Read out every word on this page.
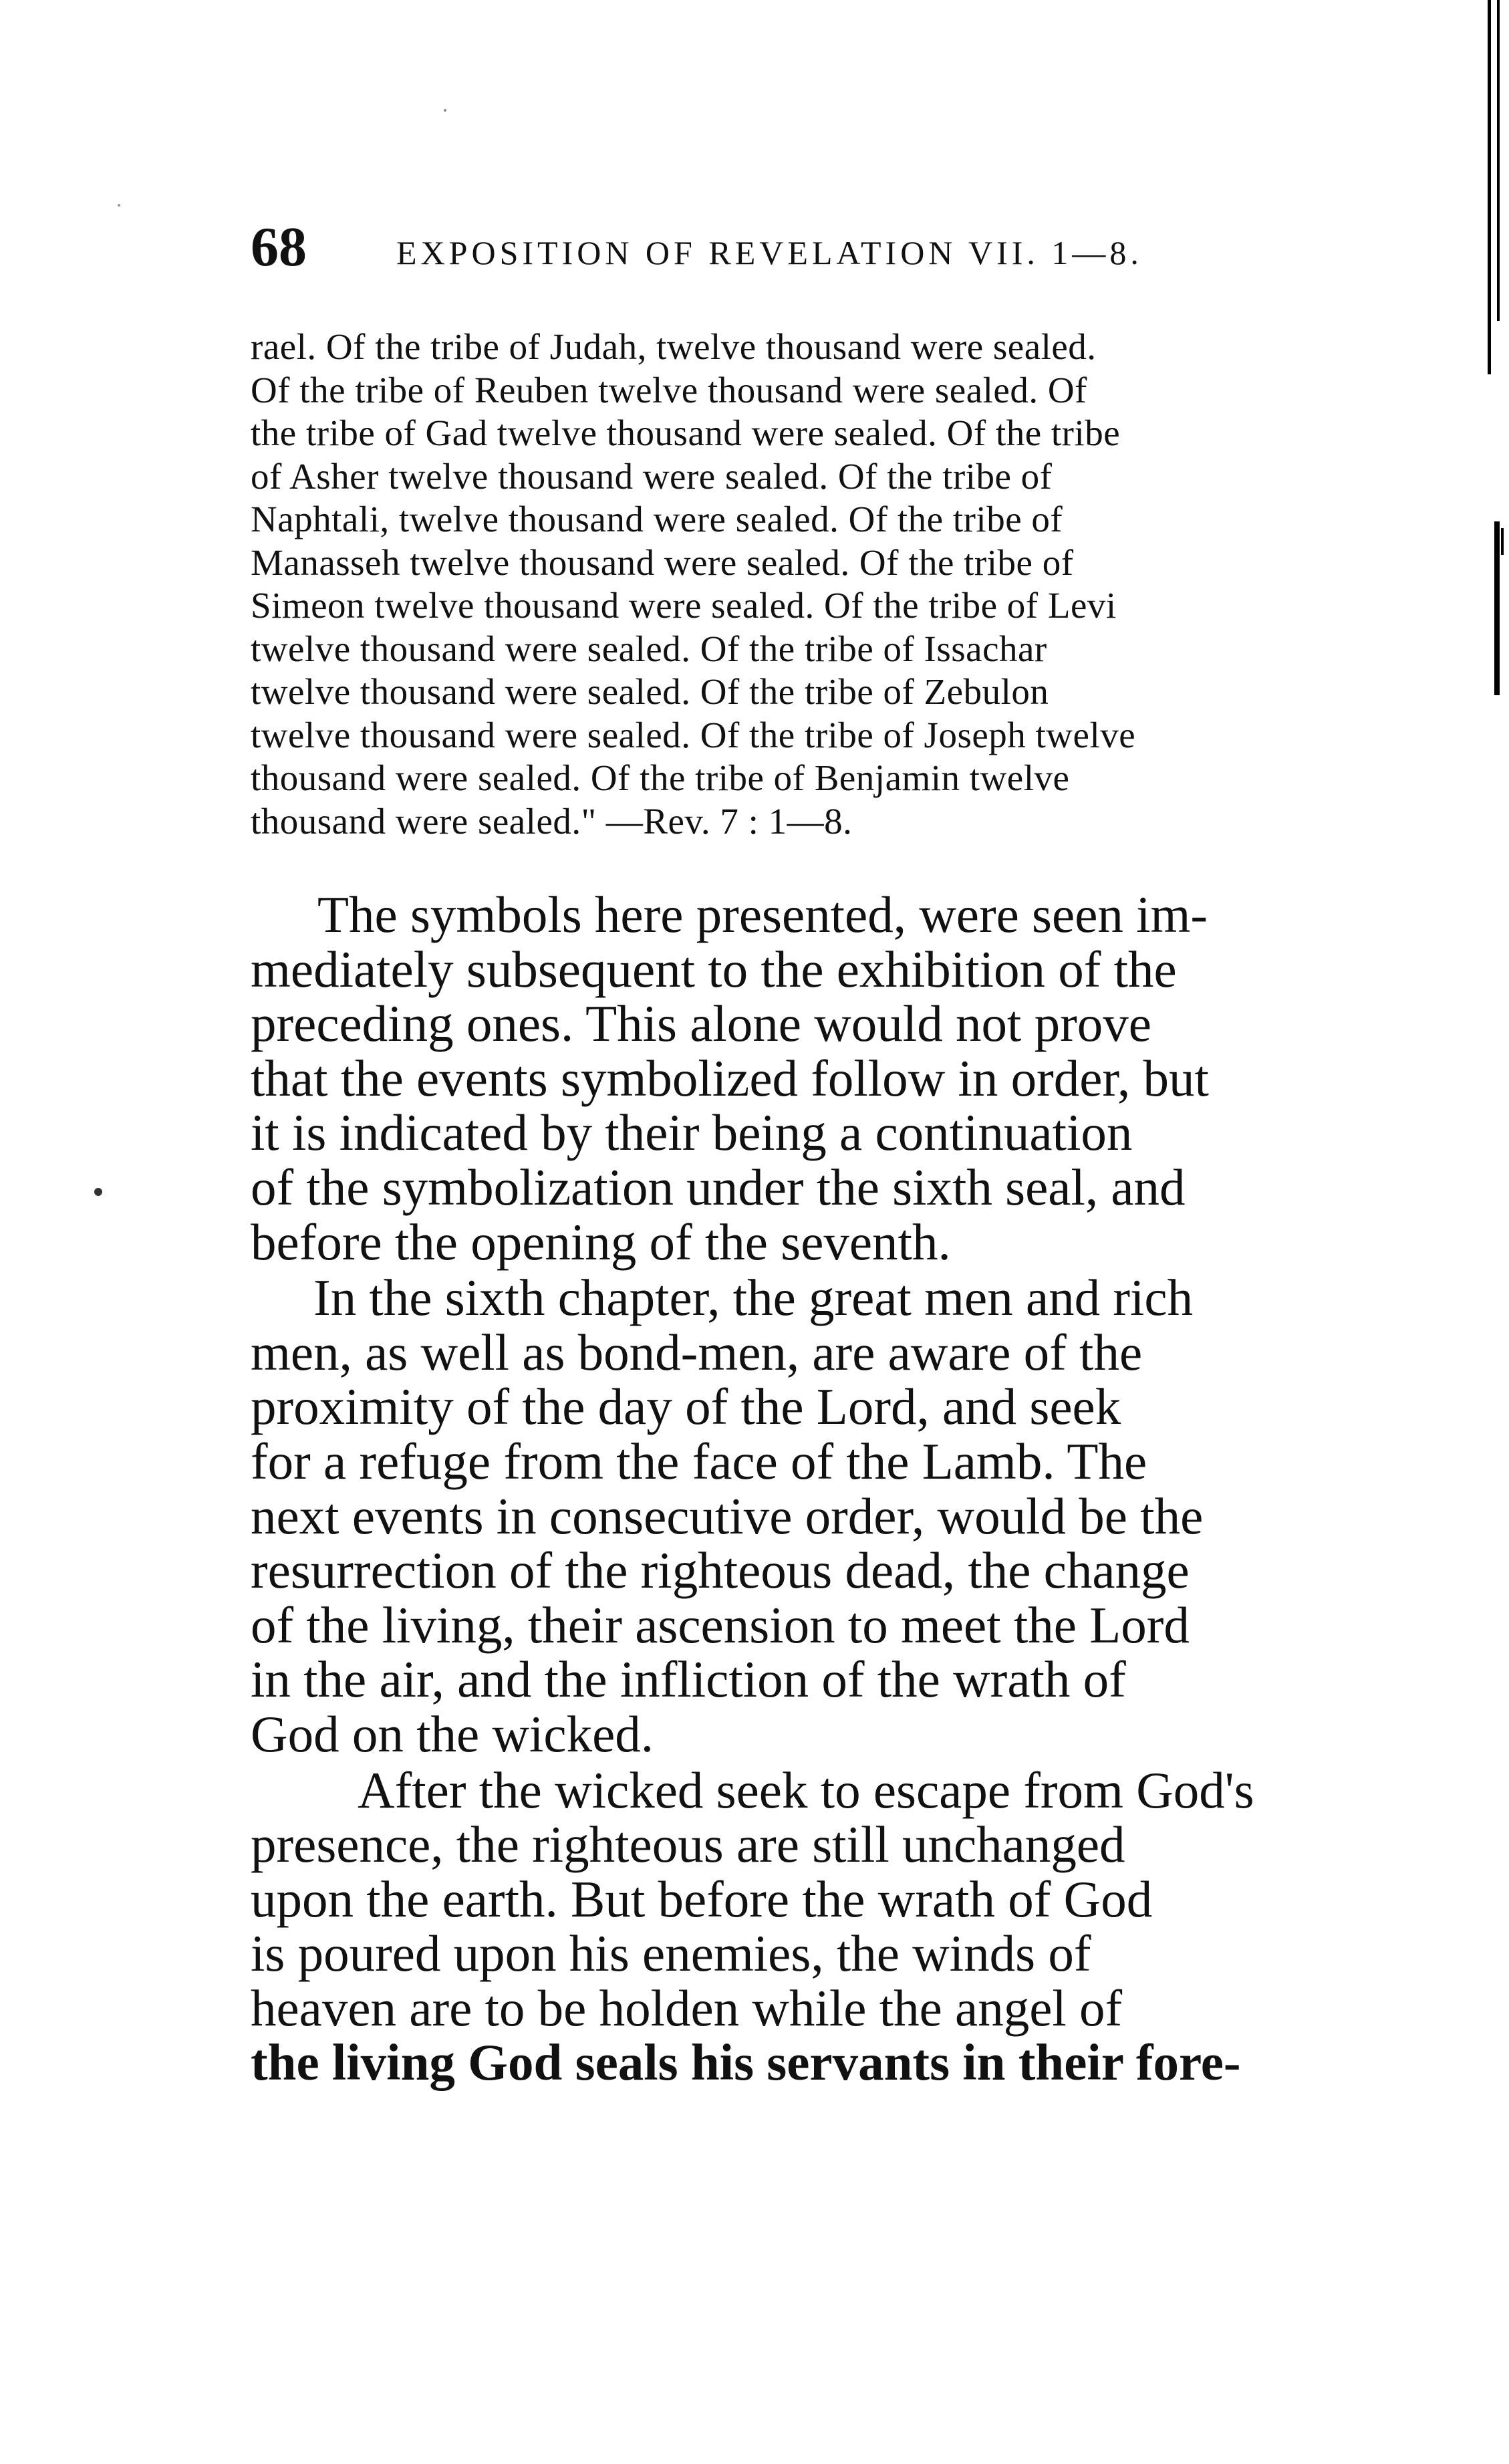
68	EXPOSITION OF REVELATION VII. 1—8.
rael. Of the tribe of Judah, twelve thousand were sealed.
Of the tribe of Reuben twelve thousand were sealed. Of
the tribe of Gad twelve thousand were sealed. Of the tribe
of Asher twelve thousand were sealed. Of the tribe of
Naphtali, twelve thousand were sealed. Of the tribe of
Manasseh twelve thousand were sealed. Of the tribe of
Simeon twelve thousand were sealed. Of the tribe of Levi
twelve thousand were sealed. Of the tribe of Issachar
twelve thousand were sealed. Of the tribe of Zebulon
twelve thousand were sealed. Of the tribe of Joseph twelve
thousand were sealed. Of the tribe of Benjamin twelve
thousand were sealed." —Rev. 7 : 1—8.
The symbols here presented, were seen im-
mediately subsequent to the exhibition of the
preceding ones. This alone would not prove
that the events symbolized follow in order, but
it is indicated by their being a continuation
of the symbolization under the sixth seal, and
before the opening of the seventh.
In the sixth chapter, the great men and rich
men, as well as bond-men, are aware of the
proximity of the day of the Lord, and seek
for a refuge from the face of the Lamb. The
next events in consecutive order, would be the
resurrection of the righteous dead, the change
of the living, their ascension to meet the Lord
in the air, and the infliction of the wrath of
God on the wicked.
After the wicked seek to escape from God's
presence, the righteous are still unchanged
upon the earth. But before the wrath of God
is poured upon his enemies, the winds of
heaven are to be holden while the angel of
the living God seals his servants in their fore-
